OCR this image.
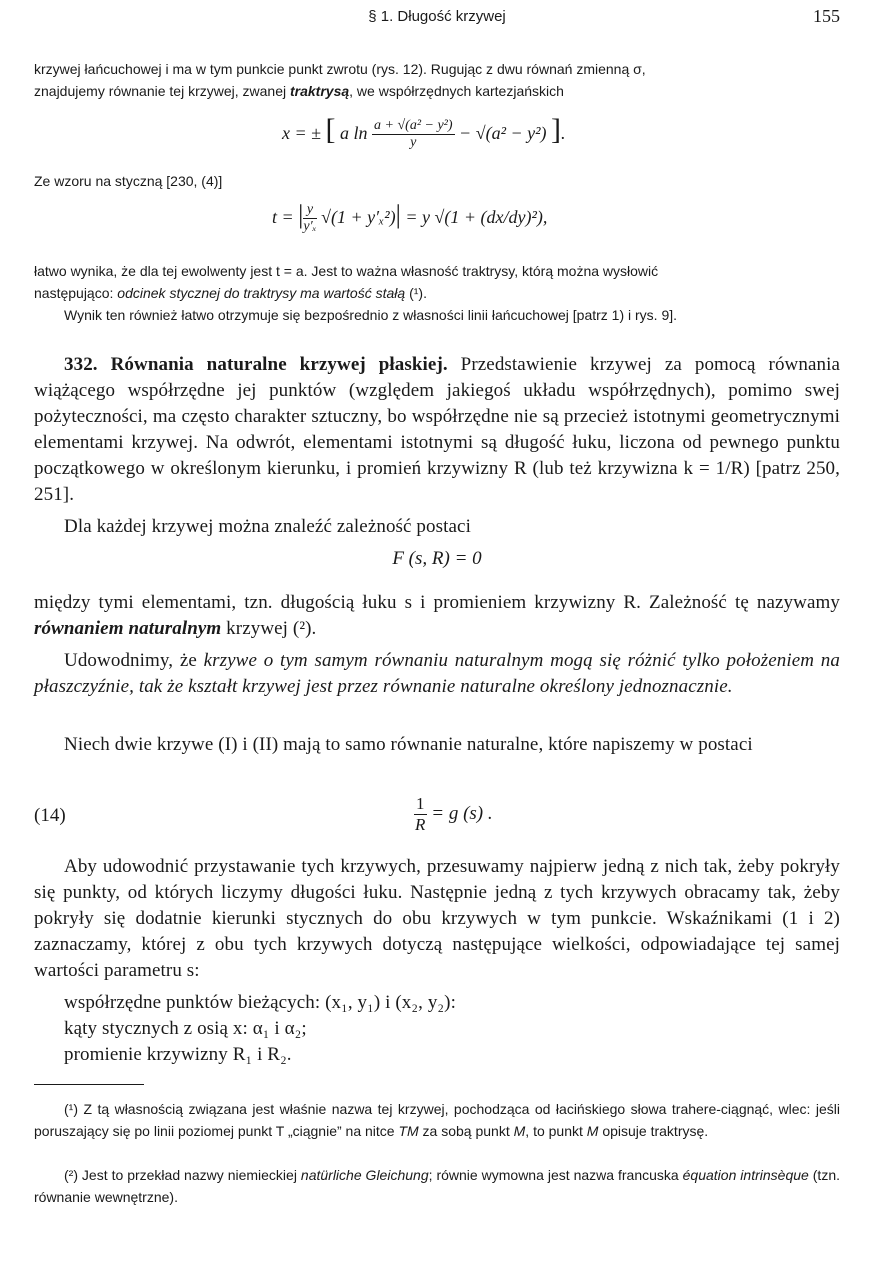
§ 1. Długość krzywej	155
krzywej łańcuchowej i ma w tym punkcie punkt zwrotu (rys. 12). Rugując z dwu równań zmienną σ,
znajdujemy równanie tej krzywej, zwanej traktrysą, we współrzędnych kartezjańskich
x = ± [ a $\ln \frac{\text{a + √(a² − y²)}}{y} - √(a^2 - y^2)$ ].
Ze wzoru na styczną [230, (4)]
t = | $\frac{y}{\text{y′ₓ}} √(1 + y'_x^2)| = y$ √(1 + (dx/dy)²),
łatwo wynika, że dla tej ewolwenty jest t = a. Jest to ważna własność traktrysy, którą można wysłowić
następująco: odcinek stycznej do traktrysy ma wartość stałą (¹).
Wynik ten również łatwo otrzymuje się bezpośrednio z własności linii łańcuchowej [patrz 1) i rys. 9].
332. Równania naturalne krzywej płaskiej. Przedstawienie krzywej za pomocą równania wiążącego współrzędne jej punktów (względem jakiegoś układu współrzędnych), pomimo swej pożyteczności, ma często charakter sztuczny, bo współrzędne nie są przecież istotnymi geometrycznymi elementami krzywej. Na odwrót, elementami istotnymi są długość łuku, liczona od pewnego punktu początkowego w określonym kierunku, i promień krzywizny R (lub też krzywizna k = 1/R) [patrz 250, 251].
Dla każdej krzywej można znaleźć zależność postaci
F (s, R) = 0
między tymi elementami, tzn. długością łuku s i promieniem krzywizny R. Zależność tę nazywamy równaniem naturalnym krzywej (²).
Udowodnimy, że krzywe o tym samym równaniu naturalnym mogą się różnić tylko położeniem na płaszczyźnie, tak że kształt krzywej jest przez równanie naturalne określony jednoznacznie.
Niech dwie krzywe (I) i (II) mają to samo równanie naturalne, które napiszemy w postaci
(14)	$\frac{1}{R} = g$ (s) .
Aby udowodnić przystawanie tych krzywych, przesuwamy najpierw jedną z nich tak, żeby pokryły się punkty, od których liczymy długości łuku. Następnie jedną z tych krzywych obracamy tak, żeby pokryły się dodatnie kierunki stycznych do obu krzywych w tym punkcie. Wskaźnikami (1 i 2) zaznaczamy, której z obu tych krzywych dotyczą następujące wielkości, odpowiadające tej samej wartości parametru s:
współrzędne punktów bieżących: (x₁, y₁) i (x₂, y₂):
kąty stycznych z osią x: α₁ i α₂;
promienie krzywizny R₁ i R₂.
(¹) Z tą własnością związana jest właśnie nazwa tej krzywej, pochodząca od łacińskiego słowa trahere-ciągnąć, wlec: jeśli poruszający się po linii poziomej punkt T „ciągnie” na nitce TM za sobą punkt M, to punkt M opisuje traktrysę.
(²) Jest to przekład nazwy niemieckiej natürliche Gleichung; równie wymowna jest nazwa francuska équation intrinsèque (tzn. równanie wewnętrzne).
